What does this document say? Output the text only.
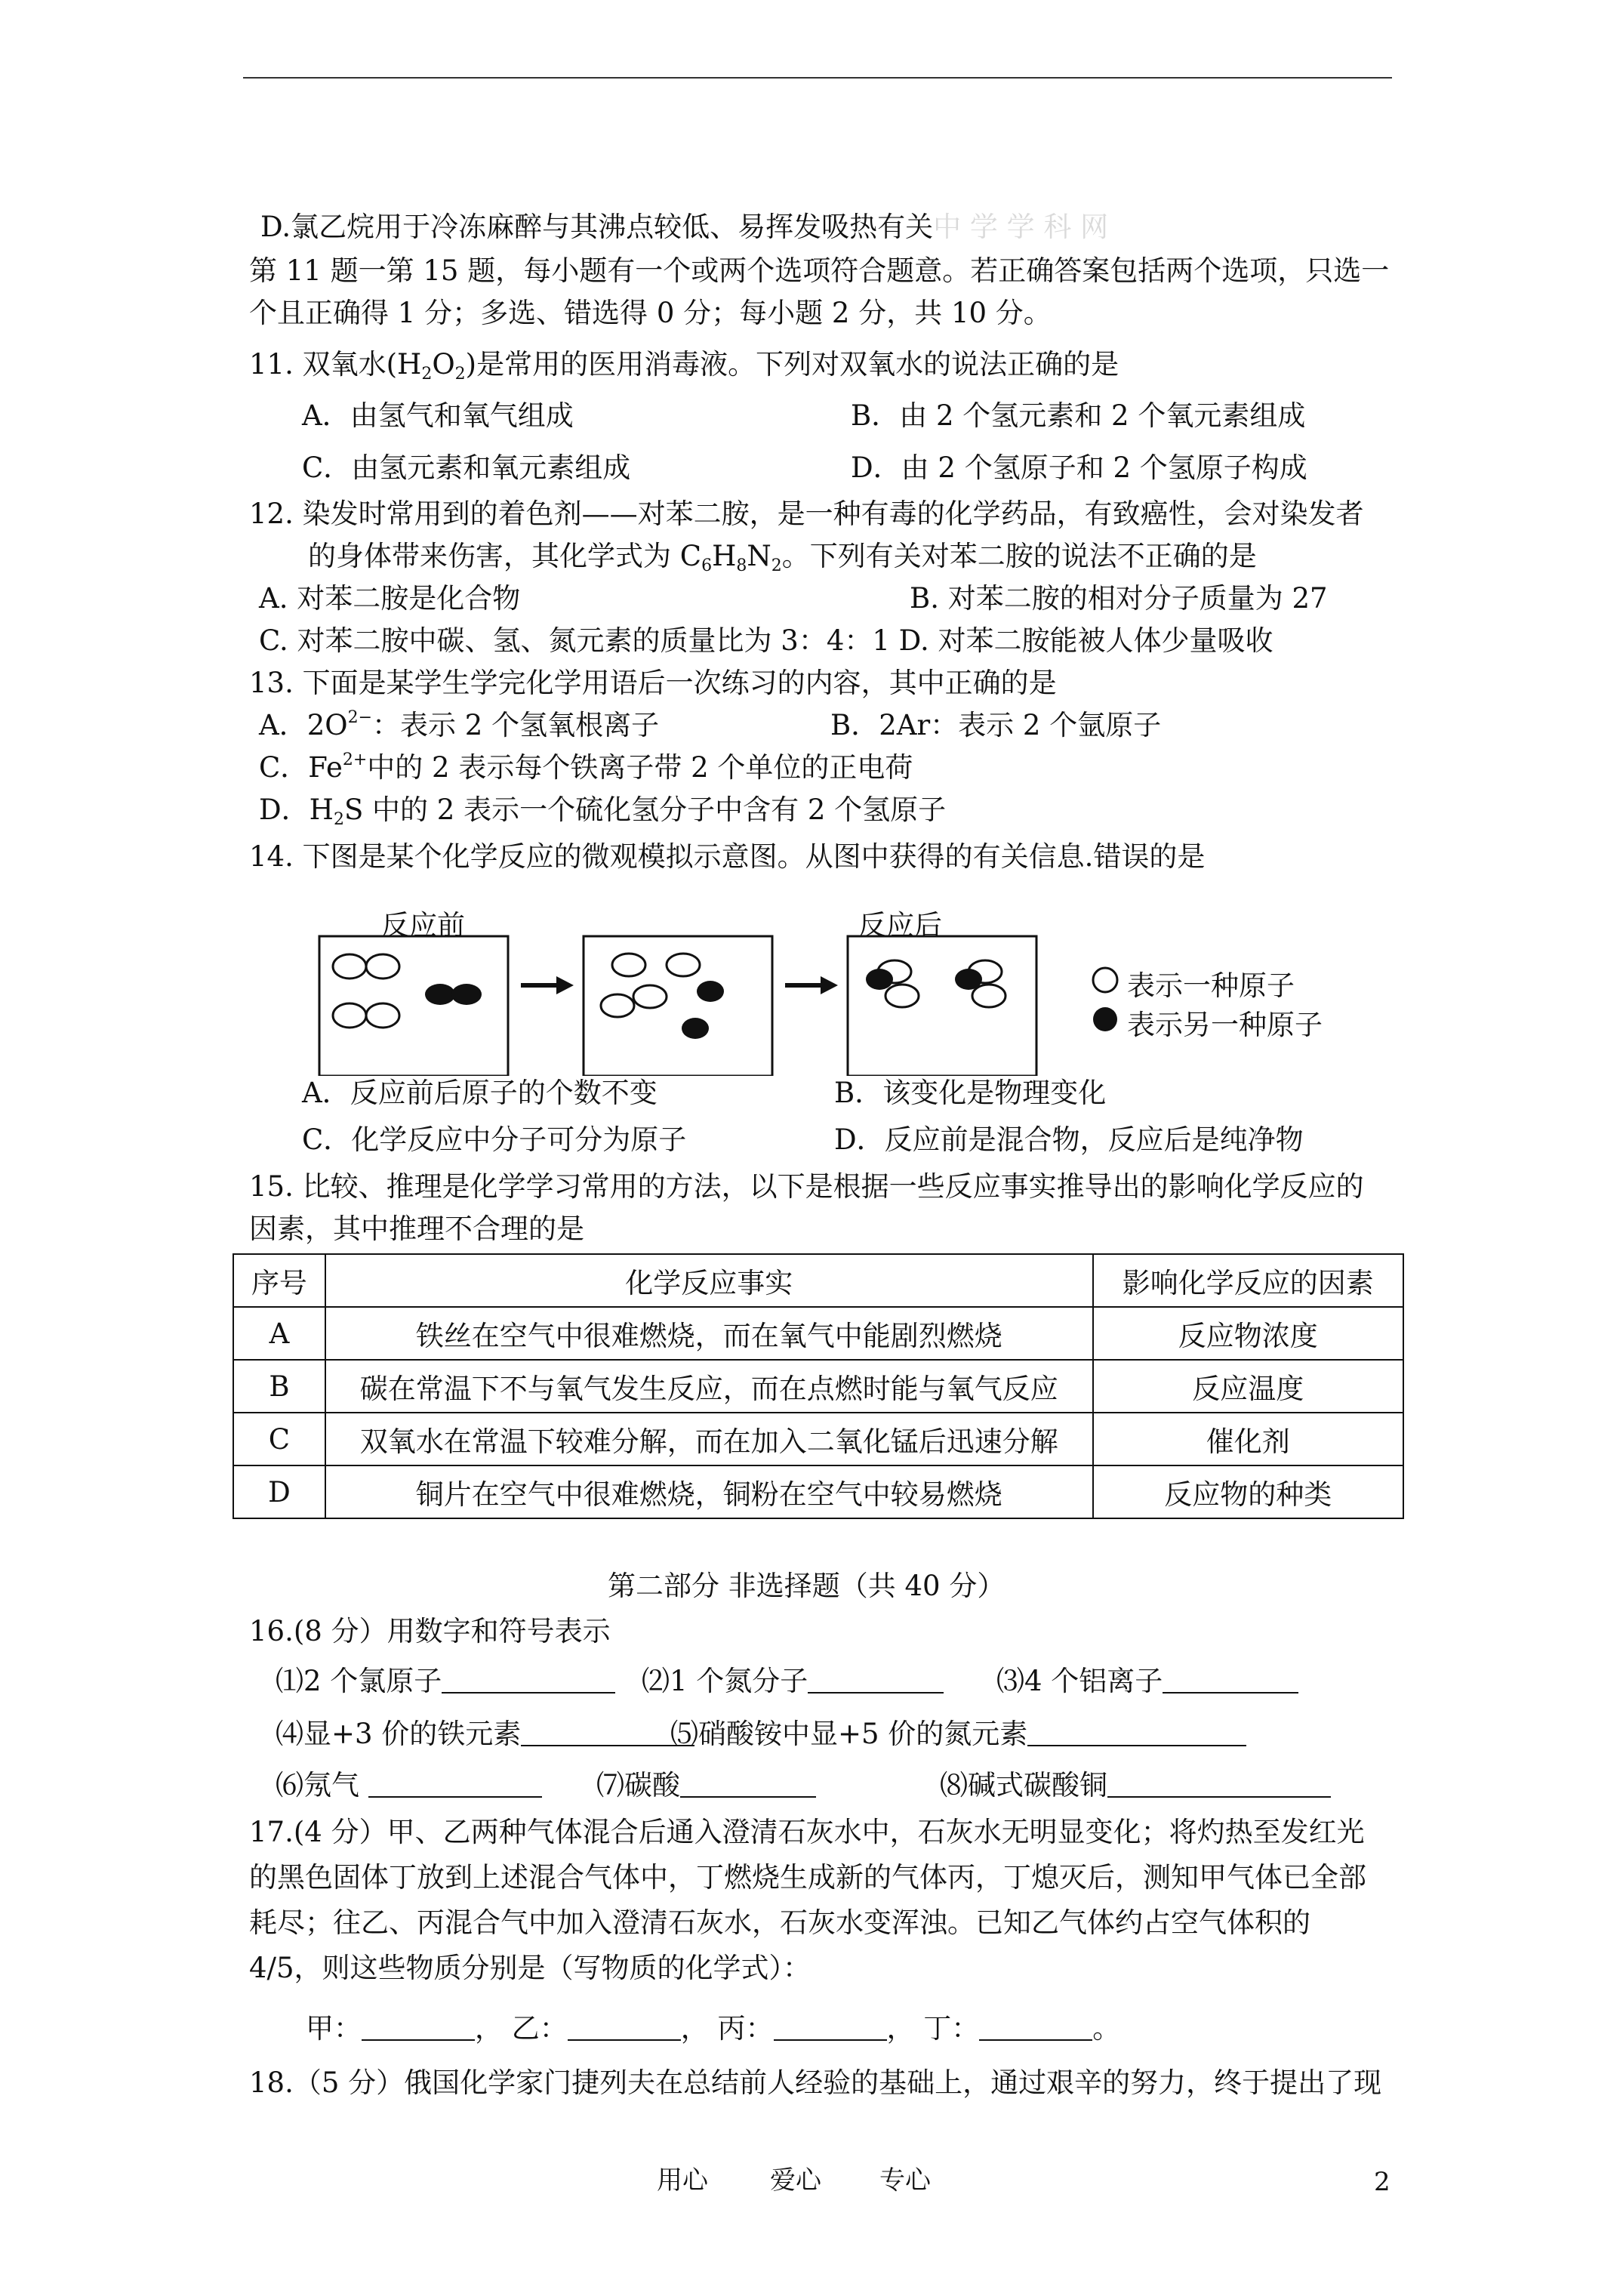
D.氯乙烷用于冷冻麻醉与其沸点较低、易挥发吸热有关中 学 学 科 网
第 11 题一第 15 题，每小题有一个或两个选项符合题意。若正确答案包括两个选项，只选一
个且正确得 1 分；多选、错选得 0 分；每小题 2 分，共 10 分。
11. 双氧水$(H_2O_2)$是常用的医用消毒液。下列对双氧水的说法正确的是
A．由氢气和氧气组成	B．由 2 个氢元素和 2 个氧元素组成
C．由氢元素和氧元素组成	D．由 2 个氢原子和 2 个氢原子构成
12. 染发时常用到的着色剂——对苯二胺，是一种有毒的化学药品，有致癌性，会对染发者
的身体带来伤害，其化学式为 $C_6H_8N_2$。下列有关对苯二胺的说法不正确的是
A. 对苯二胺是化合物	B. 对苯二胺的相对分子质量为 27
C. 对苯二胺中碳、氢、氮元素的质量比为 3：4：1 D. 对苯二胺能被人体少量吸收
13. 下面是某学生学完化学用语后一次练习的内容，其中正确的是
A．$2O^{2-}$：表示 2 个氢氧根离子	B．2Ar：表示 2 个氩原子
C．$Fe^{2+}$中的 2 表示每个铁离子带 2 个单位的正电荷
D．$H_2S$ 中的 2 表示一个硫化氢分子中含有 2 个氢原子
14. 下图是某个化学反应的微观模拟示意图。从图中获得的有关信息.错误的是
反应前	反应后
表示一种原子
表示另一种原子
A．反应前后原子的个数不变	B．该变化是物理变化
C．化学反应中分子可分为原子	D．反应前是混合物，反应后是纯净物
15. 比较、推理是化学学习常用的方法，以下是根据一些反应事实推导出的影响化学反应的
因素，其中推理不合理的是
序号	化学反应事实	影响化学反应的因素
A	铁丝在空气中很难燃烧，而在氧气中能剧烈燃烧	反应物浓度
B	碳在常温下不与氧气发生反应，而在点燃时能与氧气反应	反应温度
C	双氧水在常温下较难分解，而在加入二氧化锰后迅速分解	催化剂
D	铜片在空气中很难燃烧，铜粉在空气中较易燃烧	反应物的种类
第二部分 非选择题（共 40 分）
16.(8 分）用数字和符号表示
⑴2 个氯原子	⑵1 个氮分子	⑶4 个铝离子
⑷显+3 价的铁元素	⑸硝酸铵中显+5 价的氮元素
⑹氖气	⑺碳酸	⑻碱式碳酸铜
17.(4 分）甲、乙两种气体混合后通入澄清石灰水中，石灰水无明显变化；将灼热至发红光
的黑色固体丁放到上述混合气体中，丁燃烧生成新的气体丙，丁熄灭后，测知甲气体已全部
耗尽；往乙、丙混合气中加入澄清石灰水，石灰水变浑浊。已知乙气体约占空气体积的
4/5，则这些物质分别是（写物质的化学式）：
甲：	， 乙：	， 丙：	， 丁：	。
18.（5 分）俄国化学家门捷列夫在总结前人经验的基础上，通过艰辛的努力，终于提出了现
用心 爱心 专心	2
